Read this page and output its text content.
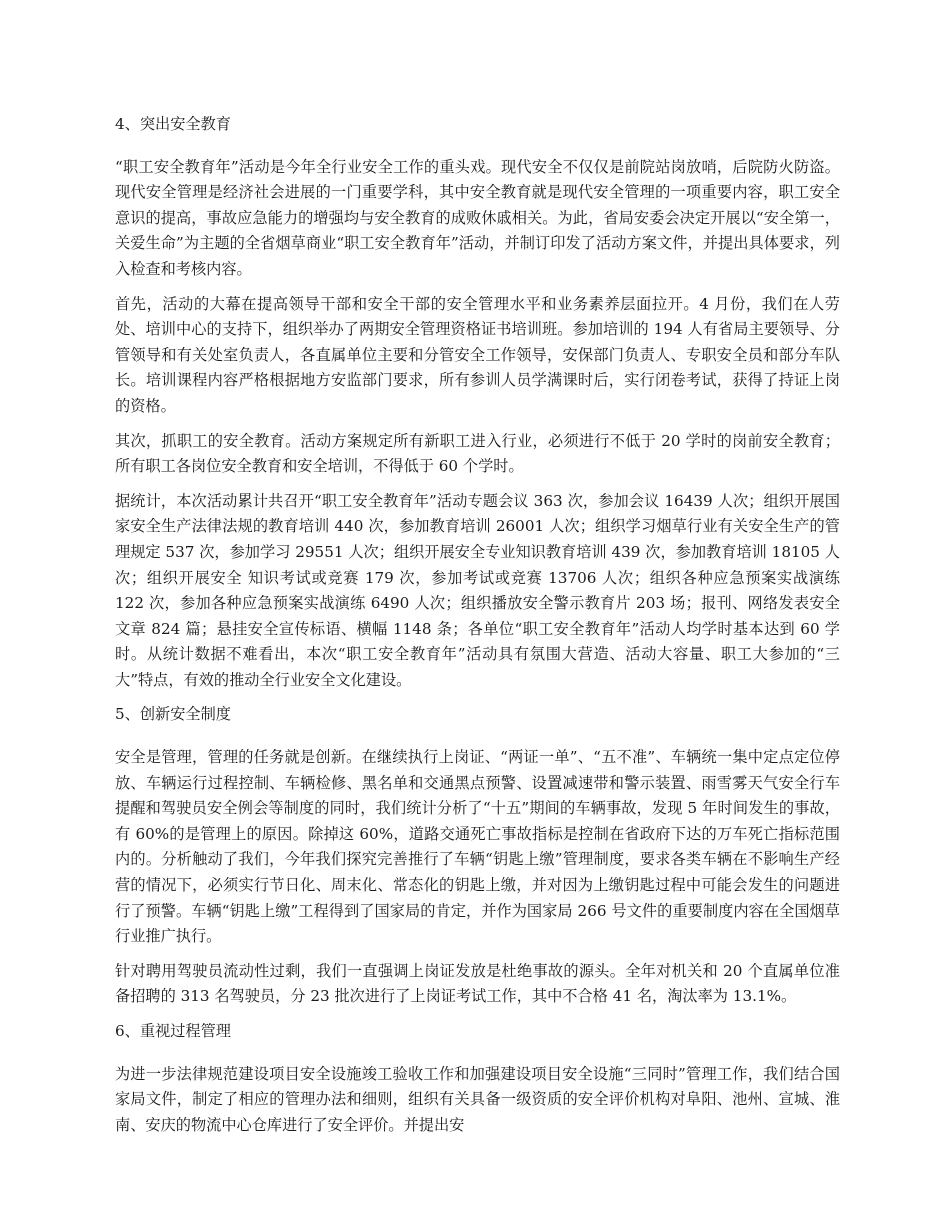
4、突出安全教育

“职工安全教育年”活动是今年全行业安全工作的重头戏。现代安全不仅仅是前院站岗放哨，后院防火防盗。现代安全管理是经济社会进展的一门重要学科，其中安全教育就是现代安全管理的一项重要内容，职工安全意识的提高，事故应急能力的增强均与安全教育的成败休戚相关。为此，省局安委会决定开展以“安全第一，关爱生命”为主题的全省烟草商业“职工安全教育年”活动，并制订印发了活动方案文件，并提出具体要求，列入检查和考核内容。

首先，活动的大幕在提高领导干部和安全干部的安全管理水平和业务素养层面拉开。4 月份，我们在人劳处、培训中心的支持下，组织举办了两期安全管理资格证书培训班。参加培训的 194 人有省局主要领导、分管领导和有关处室负责人，各直属单位主要和分管安全工作领导，安保部门负责人、专职安全员和部分车队长。培训课程内容严格根据地方安监部门要求，所有参训人员学满课时后，实行闭卷考试，获得了持证上岗的资格。

其次，抓职工的安全教育。活动方案规定所有新职工进入行业，必须进行不低于 20 学时的岗前安全教育；所有职工各岗位安全教育和安全培训，不得低于 60 个学时。

据统计，本次活动累计共召开“职工安全教育年”活动专题会议 363 次，参加会议 16439 人次；组织开展国家安全生产法律法规的教育培训 440 次，参加教育培训 26001 人次；组织学习烟草行业有关安全生产的管理规定 537 次，参加学习 29551 人次；组织开展安全专业知识教育培训 439 次，参加教育培训 18105 人次；组织开展安全 知识考试或竞赛 179 次，参加考试或竞赛 13706 人次；组织各种应急预案实战演练 122 次，参加各种应急预案实战演练 6490 人次；组织播放安全警示教育片 203 场；报刊、网络发表安全文章 824 篇；悬挂安全宣传标语、横幅 1148 条；各单位“职工安全教育年”活动人均学时基本达到 60 学时。从统计数据不难看出，本次“职工安全教育年”活动具有氛围大营造、活动大容量、职工大参加的“三大”特点，有效的推动全行业安全文化建设。

5、创新安全制度

安全是管理，管理的任务就是创新。在继续执行上岗证、“两证一单”、“五不准”、车辆统一集中定点定位停放、车辆运行过程控制、车辆检修、黑名单和交通黑点预警、设置减速带和警示装置、雨雪雾天气安全行车提醒和驾驶员安全例会等制度的同时，我们统计分析了“十五”期间的车辆事故，发现 5 年时间发生的事故，有 60%的是管理上的原因。除掉这 60%，道路交通死亡事故指标是控制在省政府下达的万车死亡指标范围内的。分析触动了我们，今年我们探究完善推行了车辆“钥匙上缴”管理制度，要求各类车辆在不影响生产经营的情况下，必须实行节日化、周末化、常态化的钥匙上缴，并对因为上缴钥匙过程中可能会发生的问题进行了预警。车辆“钥匙上缴”工程得到了国家局的肯定，并作为国家局 266 号文件的重要制度内容在全国烟草行业推广执行。

针对聘用驾驶员流动性过剩，我们一直强调上岗证发放是杜绝事故的源头。全年对机关和 20 个直属单位准备招聘的 313 名驾驶员，分 23 批次进行了上岗证考试工作，其中不合格 41 名，淘汰率为 13.1%。

6、重视过程管理

为进一步法律规范建设项目安全设施竣工验收工作和加强建设项目安全设施“三同时”管理工作，我们结合国家局文件，制定了相应的管理办法和细则，组织有关具备一级资质的安全评价机构对阜阳、池州、宣城、淮南、安庆的物流中心仓库进行了安全评价。并提出安
